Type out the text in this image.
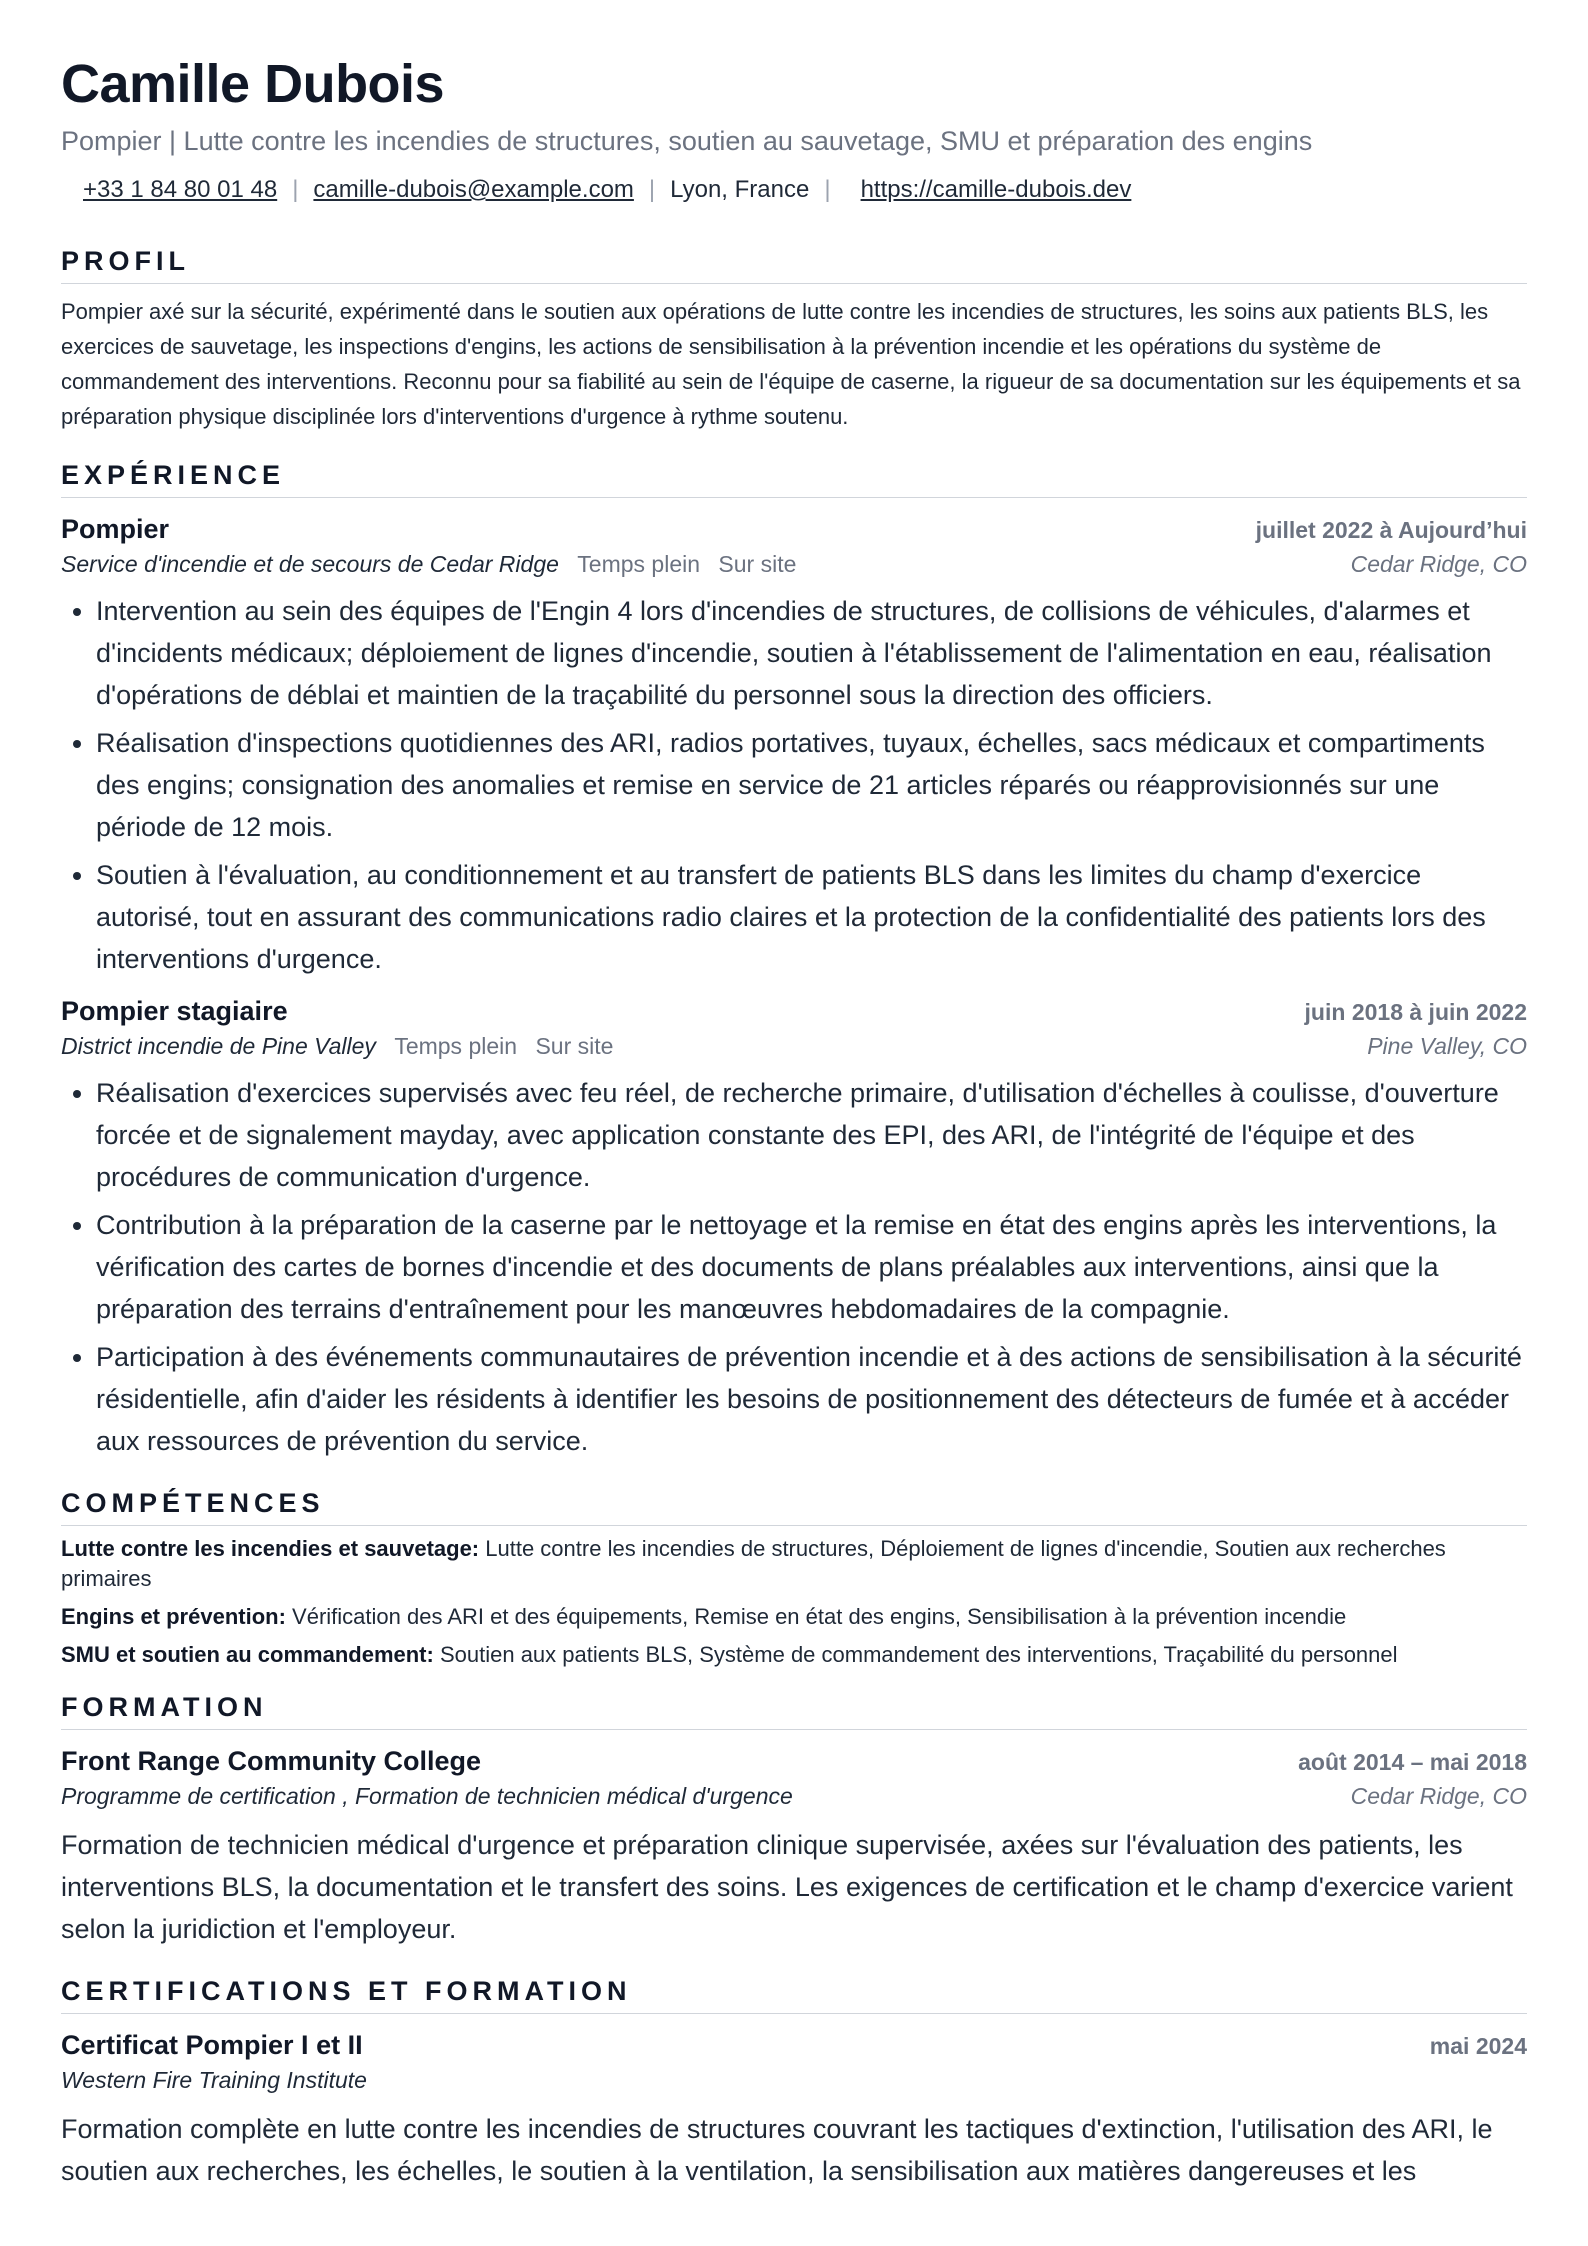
Camille Dubois
Pompier | Lutte contre les incendies de structures, soutien au sauvetage, SMU et préparation des engins
+33 1 84 80 01 48 | camille-dubois@example.com | Lyon, France | https://camille-dubois.dev
PROFIL

Pompier axé sur la sécurité, expérimenté dans le soutien aux opérations de lutte contre les incendies de structures, les soins aux patients BLS, les exercices de sauvetage, les inspections d'engins, les actions de sensibilisation à la prévention incendie et les opérations du système de commandement des interventions. Reconnu pour sa fiabilité au sein de l'équipe de caserne, la rigueur de sa documentation sur les équipements et sa préparation physique disciplinée lors d'interventions d'urgence à rythme soutenu.

EXPÉRIENCE
Pompier	juillet 2022 à Aujourd’hui
Service d'incendie et de secours de Cedar Ridge Temps plein Sur site	Cedar Ridge, CO
• Intervention au sein des équipes de l'Engin 4 lors d'incendies de structures, de collisions de véhicules, d'alarmes et d'incidents médicaux; déploiement de lignes d'incendie, soutien à l'établissement de l'alimentation en eau, réalisation d'opérations de déblai et maintien de la traçabilité du personnel sous la direction des officiers.
• Réalisation d'inspections quotidiennes des ARI, radios portatives, tuyaux, échelles, sacs médicaux et compartiments des engins; consignation des anomalies et remise en service de 21 articles réparés ou réapprovisionnés sur une période de 12 mois.
• Soutien à l'évaluation, au conditionnement et au transfert de patients BLS dans les limites du champ d'exercice autorisé, tout en assurant des communications radio claires et la protection de la confidentialité des patients lors des interventions d'urgence.
Pompier stagiaire	juin 2018 à juin 2022
District incendie de Pine Valley Temps plein Sur site	Pine Valley, CO
• Réalisation d'exercices supervisés avec feu réel, de recherche primaire, d'utilisation d'échelles à coulisse, d'ouverture forcée et de signalement mayday, avec application constante des EPI, des ARI, de l'intégrité de l'équipe et des procédures de communication d'urgence.
• Contribution à la préparation de la caserne par le nettoyage et la remise en état des engins après les interventions, la vérification des cartes de bornes d'incendie et des documents de plans préalables aux interventions, ainsi que la préparation des terrains d'entraînement pour les manœuvres hebdomadaires de la compagnie.
• Participation à des événements communautaires de prévention incendie et à des actions de sensibilisation à la sécurité résidentielle, afin d'aider les résidents à identifier les besoins de positionnement des détecteurs de fumée et à accéder aux ressources de prévention du service.
COMPÉTENCES

Lutte contre les incendies et sauvetage: Lutte contre les incendies de structures, Déploiement de lignes d'incendie, Soutien aux recherches primaires

Engins et prévention: Vérification des ARI et des équipements, Remise en état des engins, Sensibilisation à la prévention incendie

SMU et soutien au commandement: Soutien aux patients BLS, Système de commandement des interventions, Traçabilité du personnel

FORMATION
Front Range Community College	août 2014 – mai 2018
Programme de certification , Formation de technicien médical d'urgence	Cedar Ridge, CO

Formation de technicien médical d'urgence et préparation clinique supervisée, axées sur l'évaluation des patients, les interventions BLS, la documentation et le transfert des soins. Les exigences de certification et le champ d'exercice varient selon la juridiction et l'employeur.

CERTIFICATIONS ET FORMATION
Certificat Pompier I et II	mai 2024
Western Fire Training Institute

Formation complète en lutte contre les incendies de structures couvrant les tactiques d'extinction, l'utilisation des ARI, le soutien aux recherches, les échelles, le soutien à la ventilation, la sensibilisation aux matières dangereuses et les
